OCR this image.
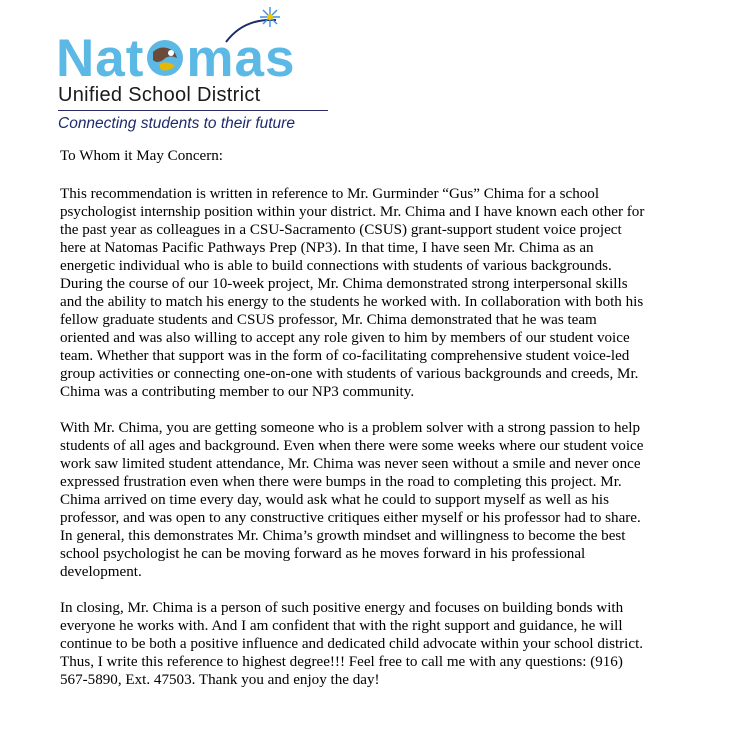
Nat mas
Unified School District
Connecting students to their future
To Whom it May Concern:
This recommendation is written in reference to Mr. Gurminder “Gus” Chima for a school
psychologist internship position within your district. Mr. Chima and I have known each other for
the past year as colleagues in a CSU-Sacramento (CSUS) grant-support student voice project
here at Natomas Pacific Pathways Prep (NP3). In that time, I have seen Mr. Chima as an
energetic individual who is able to build connections with students of various backgrounds.
During the course of our 10-week project, Mr. Chima demonstrated strong interpersonal skills
and the ability to match his energy to the students he worked with. In collaboration with both his
fellow graduate students and CSUS professor, Mr. Chima demonstrated that he was team
oriented and was also willing to accept any role given to him by members of our student voice
team. Whether that support was in the form of co-facilitating comprehensive student voice-led
group activities or connecting one-on-one with students of various backgrounds and creeds, Mr.
Chima was a contributing member to our NP3 community.
With Mr. Chima, you are getting someone who is a problem solver with a strong passion to help
students of all ages and background. Even when there were some weeks where our student voice
work saw limited student attendance, Mr. Chima was never seen without a smile and never once
expressed frustration even when there were bumps in the road to completing this project. Mr.
Chima arrived on time every day, would ask what he could to support myself as well as his
professor, and was open to any constructive critiques either myself or his professor had to share.
In general, this demonstrates Mr. Chima’s growth mindset and willingness to become the best
school psychologist he can be moving forward as he moves forward in his professional
development.
In closing, Mr. Chima is a person of such positive energy and focuses on building bonds with
everyone he works with. And I am confident that with the right support and guidance, he will
continue to be both a positive influence and dedicated child advocate within your school district.
Thus, I write this reference to highest degree!!! Feel free to call me with any questions: (916)
567-5890, Ext. 47503. Thank you and enjoy the day!
